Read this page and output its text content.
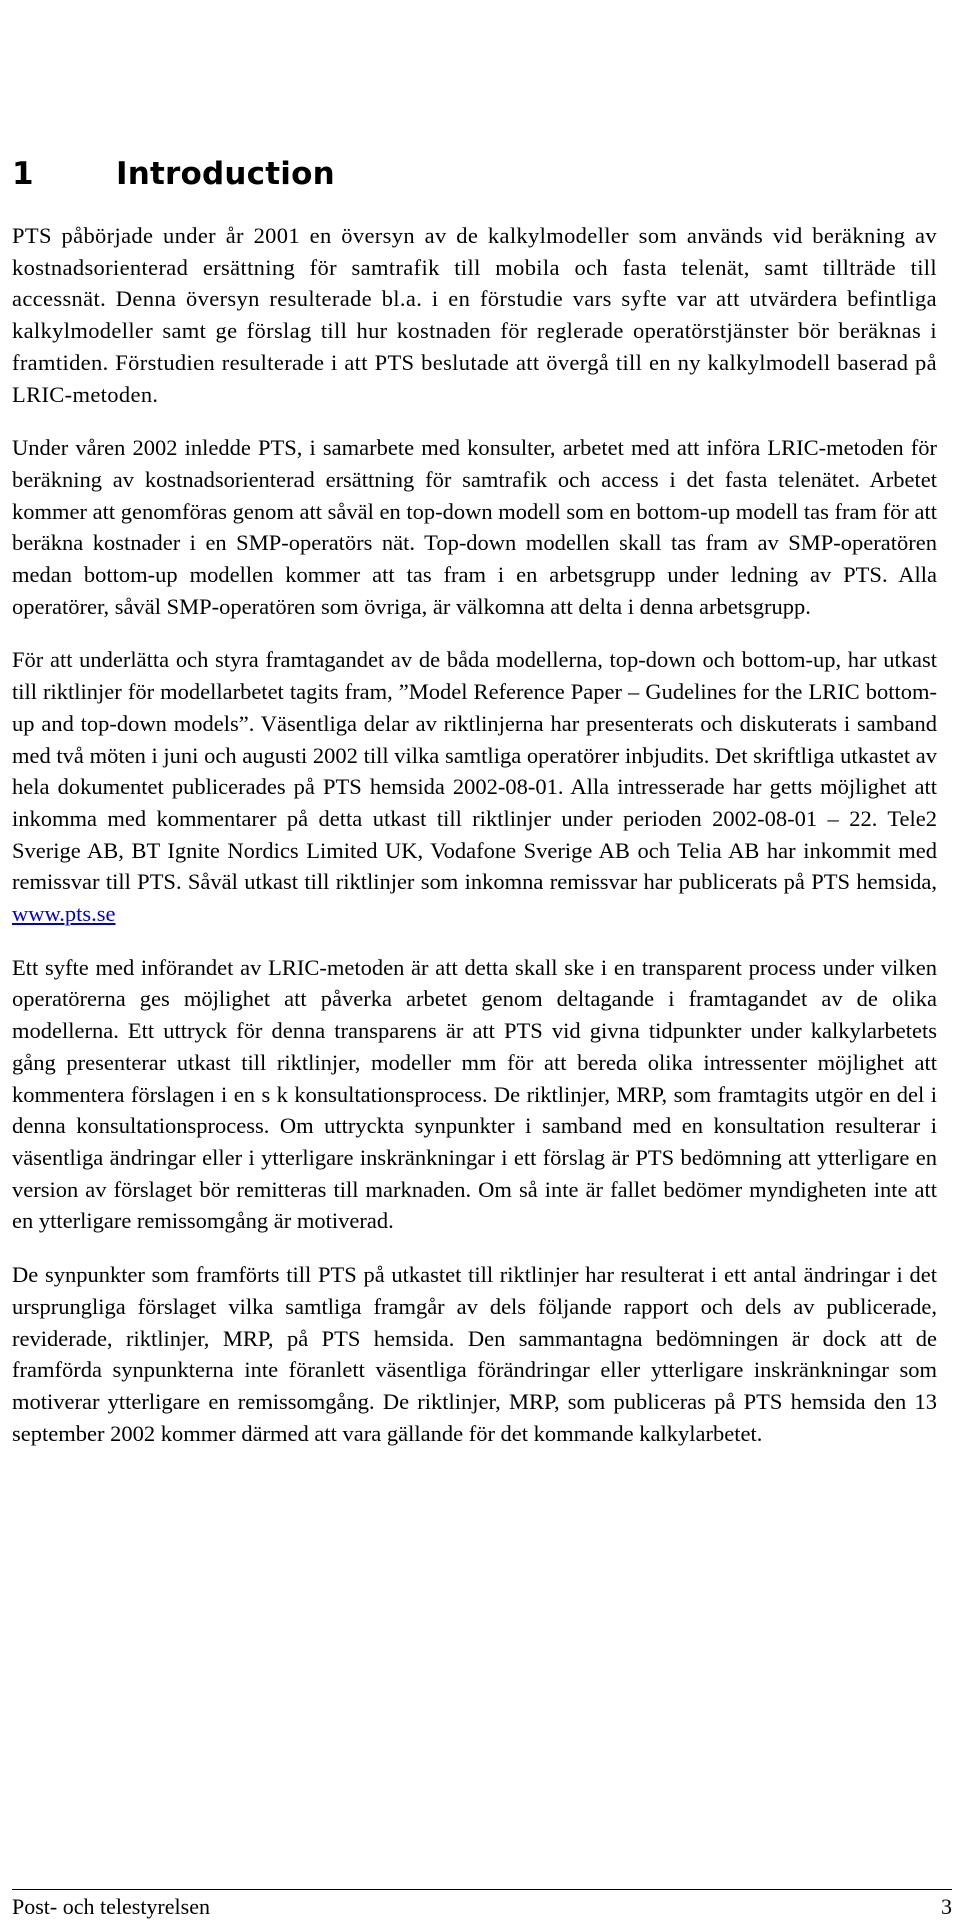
1	Introduction

PTS påbörjade under år 2001 en översyn av de kalkylmodeller som används vid beräkning av kostnadsorienterad ersättning för samtrafik till mobila och fasta telenät, samt tillträde till accessnät. Denna översyn resulterade bl.a. i en förstudie vars syfte var att utvärdera befintliga kalkylmodeller samt ge förslag till hur kostnaden för reglerade operatörstjänster bör beräknas i framtiden. Förstudien resulterade i att PTS beslutade att övergå till en ny kalkylmodell baserad på LRIC-metoden.

Under våren 2002 inledde PTS, i samarbete med konsulter, arbetet med att införa LRIC-metoden för beräkning av kostnadsorienterad ersättning för samtrafik och access i det fasta telenätet. Arbetet kommer att genomföras genom att såväl en top-down modell som en bottom-up modell tas fram för att beräkna kostnader i en SMP-operatörs nät. Top-down modellen skall tas fram av SMP-operatören medan bottom-up modellen kommer att tas fram i en arbetsgrupp under ledning av PTS. Alla operatörer, såväl SMP-operatören som övriga, är välkomna att delta i denna arbetsgrupp.

För att underlätta och styra framtagandet av de båda modellerna, top-down och bottom-up, har utkast till riktlinjer för modellarbetet tagits fram, ”Model Reference Paper – Gudelines for the LRIC bottom-up and top-down models”. Väsentliga delar av riktlinjerna har presenterats och diskuterats i samband med två möten i juni och augusti 2002 till vilka samtliga operatörer inbjudits. Det skriftliga utkastet av hela dokumentet publicerades på PTS hemsida 2002-08-01. Alla intresserade har getts möjlighet att inkomma med kommentarer på detta utkast till riktlinjer under perioden 2002-08-01 – 22. Tele2 Sverige AB, BT Ignite Nordics Limited UK, Vodafone Sverige AB och Telia AB har inkommit med remissvar till PTS. Såväl utkast till riktlinjer som inkomna remissvar har publicerats på PTS hemsida, www.pts.se

Ett syfte med införandet av LRIC-metoden är att detta skall ske i en transparent process under vilken operatörerna ges möjlighet att påverka arbetet genom deltagande i framtagandet av de olika modellerna. Ett uttryck för denna transparens är att PTS vid givna tidpunkter under kalkylarbetets gång presenterar utkast till riktlinjer, modeller mm för att bereda olika intressenter möjlighet att kommentera förslagen i en s k konsultationsprocess. De riktlinjer, MRP, som framtagits utgör en del i denna konsultationsprocess. Om uttryckta synpunkter i samband med en konsultation resulterar i väsentliga ändringar eller i ytterligare inskränkningar i ett förslag är PTS bedömning att ytterligare en version av förslaget bör remitteras till marknaden. Om så inte är fallet bedömer myndigheten inte att en ytterligare remissomgång är motiverad.

De synpunkter som framförts till PTS på utkastet till riktlinjer har resulterat i ett antal ändringar i det ursprungliga förslaget vilka samtliga framgår av dels följande rapport och dels av publicerade, reviderade, riktlinjer, MRP, på PTS hemsida. Den sammantagna bedömningen är dock att de framförda synpunkterna inte föranlett väsentliga förändringar eller ytterligare inskränkningar som motiverar ytterligare en remissomgång. De riktlinjer, MRP, som publiceras på PTS hemsida den 13 september 2002 kommer därmed att vara gällande för det kommande kalkylarbetet.

Post- och telestyrelsen	3
